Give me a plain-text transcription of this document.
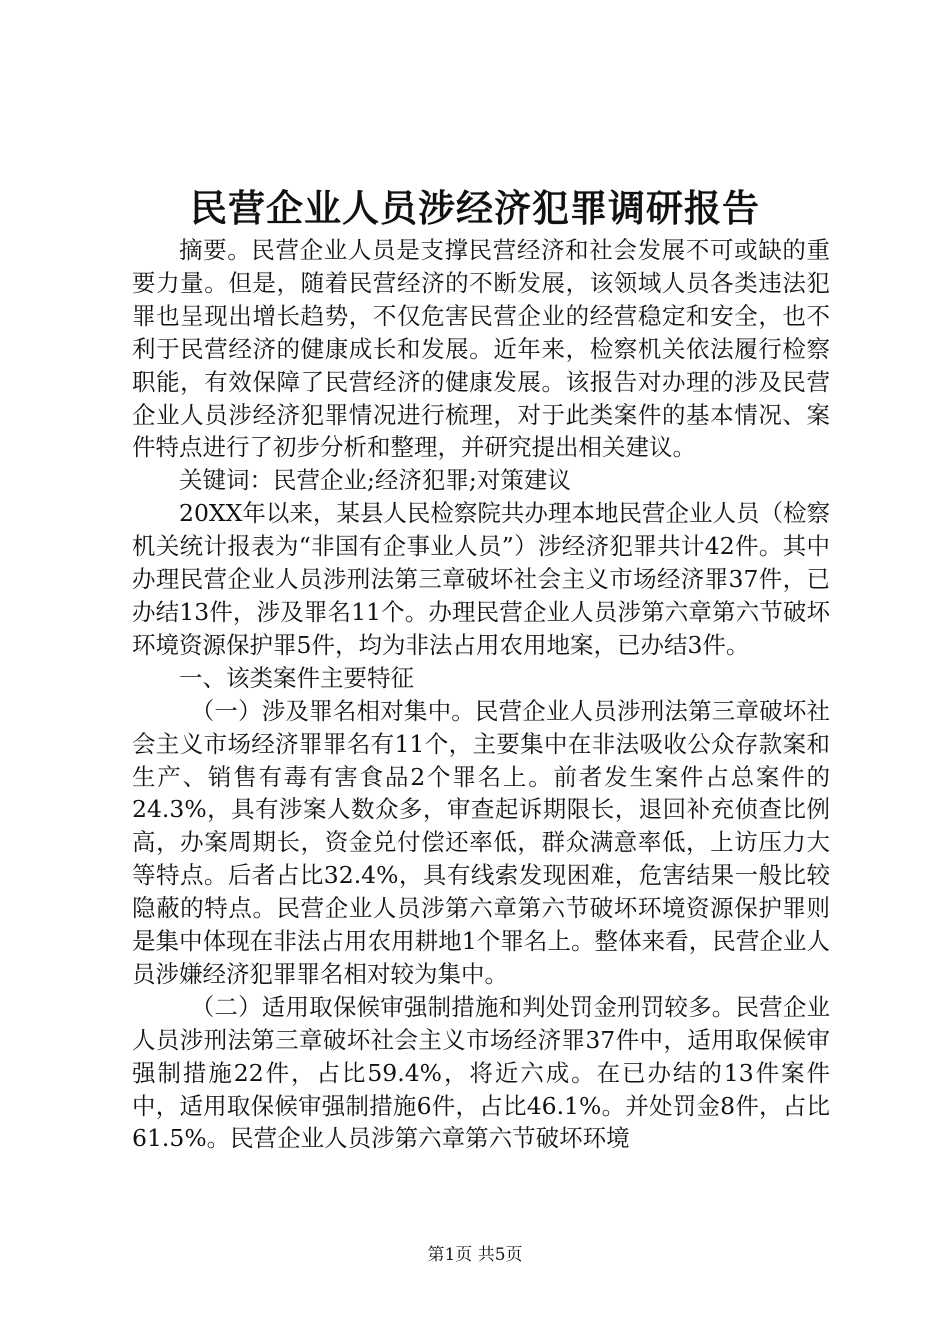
民营企业人员涉经济犯罪调研报告

摘要。民营企业人员是支撑民营经济和社会发展不可或缺的重要力量。但是，随着民营经济的不断发展，该领域人员各类违法犯罪也呈现出增长趋势，不仅危害民营企业的经营稳定和安全，也不利于民营经济的健康成长和发展。近年来，检察机关依法履行检察职能，有效保障了民营经济的健康发展。该报告对办理的涉及民营企业人员涉经济犯罪情况进行梳理，对于此类案件的基本情况、案件特点进行了初步分析和整理，并研究提出相关建议。

关键词：民营企业;经济犯罪;对策建议

20XX年以来，某县人民检察院共办理本地民营企业人员（检察机关统计报表为“非国有企事业人员”）涉经济犯罪共计42件。其中办理民营企业人员涉刑法第三章破坏社会主义市场经济罪37件，已办结13件，涉及罪名11个。办理民营企业人员涉第六章第六节破坏环境资源保护罪5件，均为非法占用农用地案，已办结3件。

一、该类案件主要特征

（一）涉及罪名相对集中。民营企业人员涉刑法第三章破坏社会主义市场经济罪罪名有11个，主要集中在非法吸收公众存款案和生产、销售有毒有害食品2个罪名上。前者发生案件占总案件的24.3%，具有涉案人数众多，审查起诉期限长，退回补充侦查比例高，办案周期长，资金兑付偿还率低，群众满意率低，上访压力大等特点。后者占比32.4%，具有线索发现困难，危害结果一般比较隐蔽的特点。民营企业人员涉第六章第六节破坏环境资源保护罪则是集中体现在非法占用农用耕地1个罪名上。整体来看，民营企业人员涉嫌经济犯罪罪名相对较为集中。

（二）适用取保候审强制措施和判处罚金刑罚较多。民营企业人员涉刑法第三章破坏社会主义市场经济罪37件中，适用取保候审强制措施22件，占比59.4%，将近六成。在已办结的13件案件中，适用取保候审强制措施6件，占比46.1%。并处罚金8件，占比61.5%。民营企业人员涉第六章第六节破坏环境

第1页 共5页
